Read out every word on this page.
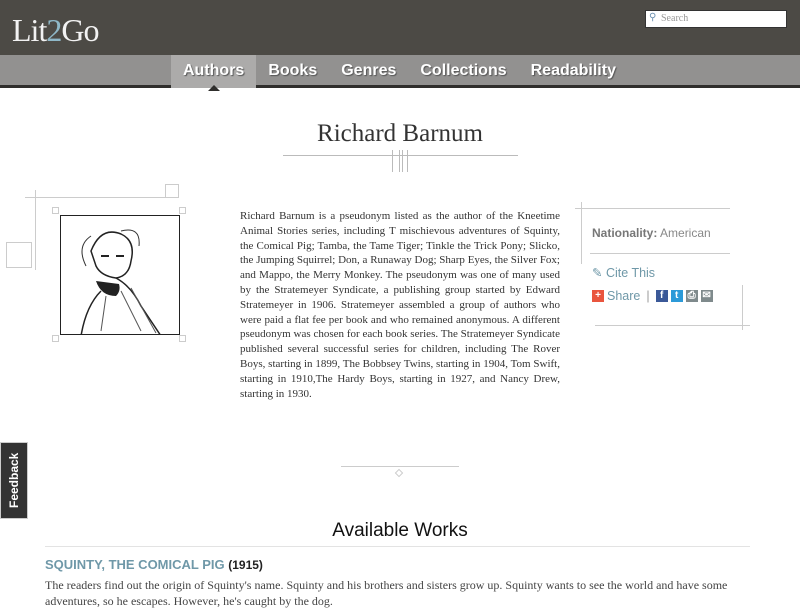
Lit2Go	⚲ Search
Authors	Books	Genres	Collections	Readability
Richard Barnum
Richard Barnum is a pseudonym listed as the author of the Kneetime Animal Stories series, including T mischievous adventures of Squinty, the Comical Pig; Tamba, the Tame Tiger; Tinkle the Trick Pony; Slicko, the Jumping Squirrel; Don, a Runaway Dog; Sharp Eyes, the Silver Fox; and Mappo, the Merry Monkey. The pseudonym was one of many used by the Stratemeyer Syndicate, a publishing group started by Edward Stratemeyer in 1906. Stratemeyer assembled a group of authors who were paid a flat fee per book and who remained anonymous. A different pseudonym was chosen for each book series. The Stratemeyer Syndicate published several successful series for children, including The Rover Boys, starting in 1899, The Bobbsey Twins, starting in 1904, Tom Swift, starting in 1910,The Hardy Boys, starting in 1927, and Nancy Drew, starting in 1930.
Nationality: American
✎ Cite This
+ Share |	f	t ⎙ ✉
Feedback
Available Works
SQUINTY, THE COMICAL PIG (1915)
The readers find out the origin of Squinty's name. Squinty and his brothers and sisters grow up. Squinty wants to see the world and have some adventures, so he escapes. However, he's caught by the dog.
